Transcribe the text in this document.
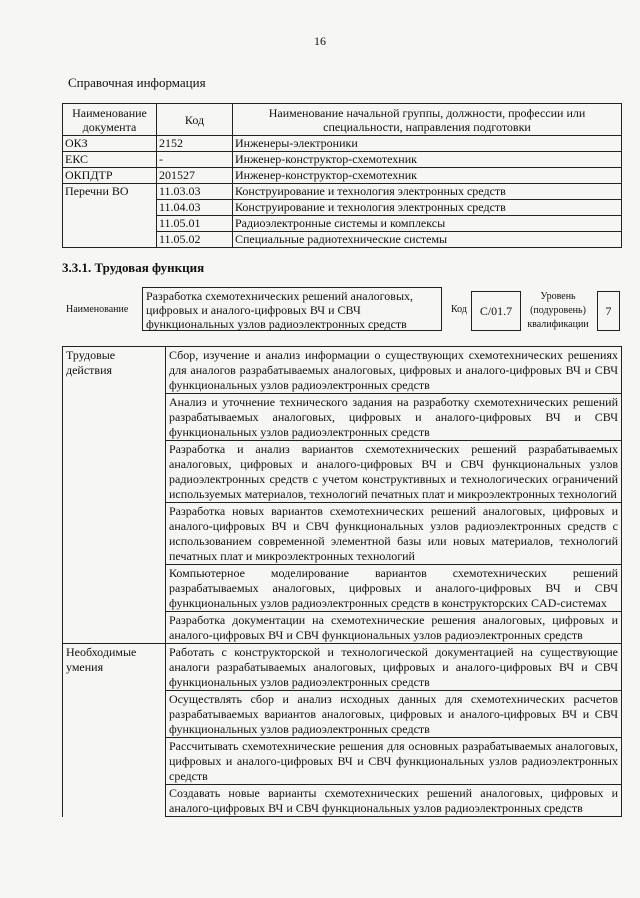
16
Справочная информация
Наименование документа	Код	Наименование начальной группы, должности, профессии или специальности, направления подготовки
ОКЗ	2152	Инженеры-электроники
ЕКС	-	Инженер-конструктор-схемотехник
ОКПДТР	201527	Инженер-конструктор-схемотехник
Перечни ВО	11.03.03	Конструирование и технология электронных средств
	11.04.03	Конструирование и технология электронных средств
	11.05.01	Радиоэлектронные системы и комплексы
	11.05.02	Специальные радиотехнические системы
3.3.1. Трудовая функция
Наименование
Разработка схемотехнических решений аналоговых, цифровых и аналого-цифровых ВЧ и СВЧ функциональных узлов радиоэлектронных средств
Код	C/01.7
Уровень
(подуровень)
квалификации
7
Трудовые действия	Сбор, изучение и анализ информации о существующих схемотехнических решениях для аналогов разрабатываемых аналоговых, цифровых и аналого-цифровых ВЧ и СВЧ функциональных узлов радиоэлектронных средств
	Анализ и уточнение технического задания на разработку схемотехнических решений разрабатываемых аналоговых, цифровых и аналого-цифровых ВЧ и СВЧ функциональных узлов радиоэлектронных средств
	Разработка и анализ вариантов схемотехнических решений разрабатываемых аналоговых, цифровых и аналого-цифровых ВЧ и СВЧ функциональных узлов радиоэлектронных средств с учетом конструктивных и технологических ограничений используемых материалов, технологий печатных плат и микроэлектронных технологий
	Разработка новых вариантов схемотехнических решений аналоговых, цифровых и аналого-цифровых ВЧ и СВЧ функциональных узлов радиоэлектронных средств с использованием современной элементной базы или новых материалов, технологий печатных плат и микроэлектронных технологий
	Компьютерное моделирование вариантов схемотехнических решений разрабатываемых аналоговых, цифровых и аналого-цифровых ВЧ и СВЧ функциональных узлов радиоэлектронных средств в конструкторских CAD-системах
	Разработка документации на схемотехнические решения аналоговых, цифровых и аналого-цифровых ВЧ и СВЧ функциональных узлов радиоэлектронных средств
Необходимые умения	Работать с конструкторской и технологической документацией на существующие аналоги разрабатываемых аналоговых, цифровых и аналого-цифровых ВЧ и СВЧ функциональных узлов радиоэлектронных средств
	Осуществлять сбор и анализ исходных данных для схемотехнических расчетов разрабатываемых вариантов аналоговых, цифровых и аналого-цифровых ВЧ и СВЧ функциональных узлов радиоэлектронных средств
	Рассчитывать схемотехнические решения для основных разрабатываемых аналоговых, цифровых и аналого-цифровых ВЧ и СВЧ функциональных узлов радиоэлектронных средств
	Создавать новые варианты схемотехнических решений аналоговых, цифровых и аналого-цифровых ВЧ и СВЧ функциональных узлов радиоэлектронных средств
